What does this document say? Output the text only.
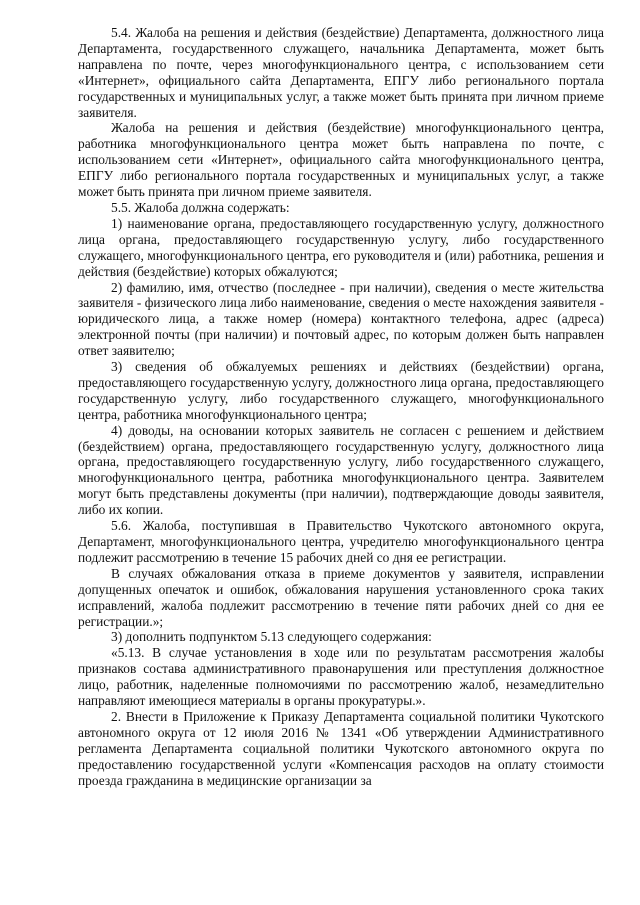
5.4. Жалоба на решения и действия (бездействие) Департамента, должностного лица Департамента, государственного служащего, начальника Департамента, может быть направлена по почте, через многофункционального центра, с использованием сети «Интернет», официального сайта Департамента, ЕПГУ либо регионального портала государственных и муниципальных услуг, а также может быть принята при личном приеме заявителя.

Жалоба на решения и действия (бездействие) многофункционального центра, работника многофункционального центра может быть направлена по почте, с использованием сети «Интернет», официального сайта многофункционального центра, ЕПГУ либо регионального портала государственных и муниципальных услуг, а также может быть принята при личном приеме заявителя.

5.5. Жалоба должна содержать:

1) наименование органа, предоставляющего государственную услугу, должностного лица органа, предоставляющего государственную услугу, либо государственного служащего, многофункционального центра, его руководителя и (или) работника, решения и действия (бездействие) которых обжалуются;

2) фамилию, имя, отчество (последнее - при наличии), сведения о месте жительства заявителя - физического лица либо наименование, сведения о месте нахождения заявителя - юридического лица, а также номер (номера) контактного телефона, адрес (адреса) электронной почты (при наличии) и почтовый адрес, по которым должен быть направлен ответ заявителю;

3) сведения об обжалуемых решениях и действиях (бездействии) органа, предоставляющего государственную услугу, должностного лица органа, предоставляющего государственную услугу, либо государственного служащего, многофункционального центра, работника многофункционального центра;

4) доводы, на основании которых заявитель не согласен с решением и действием (бездействием) органа, предоставляющего государственную услугу, должностного лица органа, предоставляющего государственную услугу, либо государственного служащего, многофункционального центра, работника многофункционального центра. Заявителем могут быть представлены документы (при наличии), подтверждающие доводы заявителя, либо их копии.

5.6. Жалоба, поступившая в Правительство Чукотского автономного округа, Департамент, многофункционального центра, учредителю многофункционального центра подлежит рассмотрению в течение 15 рабочих дней со дня ее регистрации.

В случаях обжалования отказа в приеме документов у заявителя, исправлении допущенных опечаток и ошибок, обжалования нарушения установленного срока таких исправлений, жалоба подлежит рассмотрению в течение пяти рабочих дней со дня ее регистрации.»;

3) дополнить подпунктом 5.13 следующего содержания:

«5.13. В случае установления в ходе или по результатам рассмотрения жалобы признаков состава административного правонарушения или преступления должностное лицо, работник, наделенные полномочиями по рассмотрению жалоб, незамедлительно направляют имеющиеся материалы в органы прокуратуры.».

2. Внести в Приложение к Приказу Департамента социальной политики Чукотского автономного округа от 12 июля 2016 № 1341 «Об утверждении Административного регламента Департамента социальной политики Чукотского автономного округа по предоставлению государственной услуги «Компенсация расходов на оплату стоимости проезда гражданина в медицинские организации за
